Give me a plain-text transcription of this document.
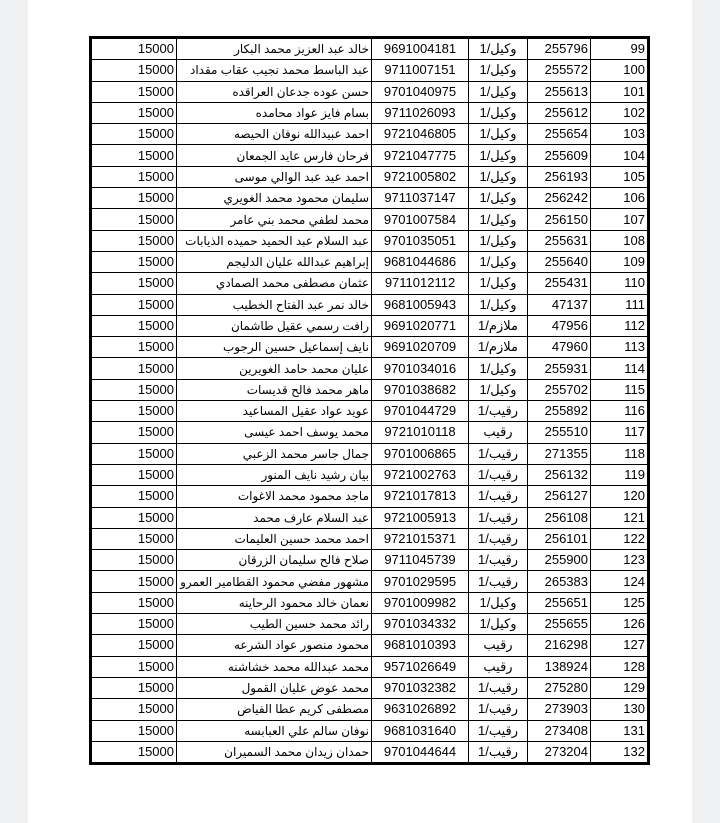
15000	خالد عبد العزيز محمد البكار	9691004181	وكيل/1	255796	99
15000	عبد الباسط محمد نجيب عقاب مقداد	9711007151	وكيل/1	255572	100
15000	حسن عوده جدعان العراقده	9701040975	وكيل/1	255613	101
15000	بسام فايز عواد محامده	9711026093	وكيل/1	255612	102
15000	احمد عبيدالله نوفان الحيصه	9721046805	وكيل/1	255654	103
15000	فرحان فارس عايد الجمعان	9721047775	وكيل/1	255609	104
15000	احمد عيد عبد الوالي موسى	9721005802	وكيل/1	256193	105
15000	سليمان محمود محمد الغويري	9711037147	وكيل/1	256242	106
15000	محمد لطفي محمد بني عامر	9701007584	وكيل/1	256150	107
15000	عبد السلام عبد الحميد حميده الذيابات	9701035051	وكيل/1	255631	108
15000	إبراهيم عبدالله عليان الدليجم	9681044686	وكيل/1	255640	109
15000	عثمان مصطفى محمد الصمادي	9711012112	وكيل/1	255431	110
15000	خالد نمر عبد الفتاح الخطيب	9681005943	وكيل/1	47137	111
15000	رافت رسمي عقيل طاشمان	9691020771	ملازم/1	47956	112
15000	نايف إسماعيل حسين الرجوب	9691020709	ملازم/1	47960	113
15000	عليان محمد حامد الغويرين	9701034016	وكيل/1	255931	114
15000	ماهر محمد فالح قديسات	9701038682	وكيل/1	255702	115
15000	عويد عواد عقيل المساعيد	9701044729	رقيب/1	255892	116
15000	محمد يوسف احمد عيسى	9721010118	رقيب	255510	117
15000	جمال جاسر محمد الزعبي	9701006865	رقيب/1	271355	118
15000	بيان رشيد نايف المنور	9721002763	رقيب/1	256132	119
15000	ماجد محمود محمد الاغوات	9721017813	رقيب/1	256127	120
15000	عبد السلام عارف محمد	9721005913	رقيب/1	256108	121
15000	احمد محمد حسين العليمات	9721015371	رقيب/1	256101	122
15000	صلاح فالح سليمان الزرقان	9711045739	رقيب/1	255900	123
15000	مشهور مفضي محمود القطامير العمرو	9701029595	رقيب/1	265383	124
15000	نعمان خالد محمود الرحاينه	9701009982	وكيل/1	255651	125
15000	رائد محمد حسين الطيب	9701034332	وكيل/1	255655	126
15000	محمود منصور عواد الشرعه	9681010393	رقيب	216298	127
15000	محمد عبدالله محمد خشاشنه	9571026649	رقيب	138924	128
15000	محمد عوض عليان القمول	9701032382	رقيب/1	275280	129
15000	مصطفى كريم عطا الفياض	9631026892	رقيب/1	273903	130
15000	نوفان سالم علي العبابسه	9681031640	رقيب/1	273408	131
15000	حمدان زيدان محمد السميران	9701044644	رقيب/1	273204	132
